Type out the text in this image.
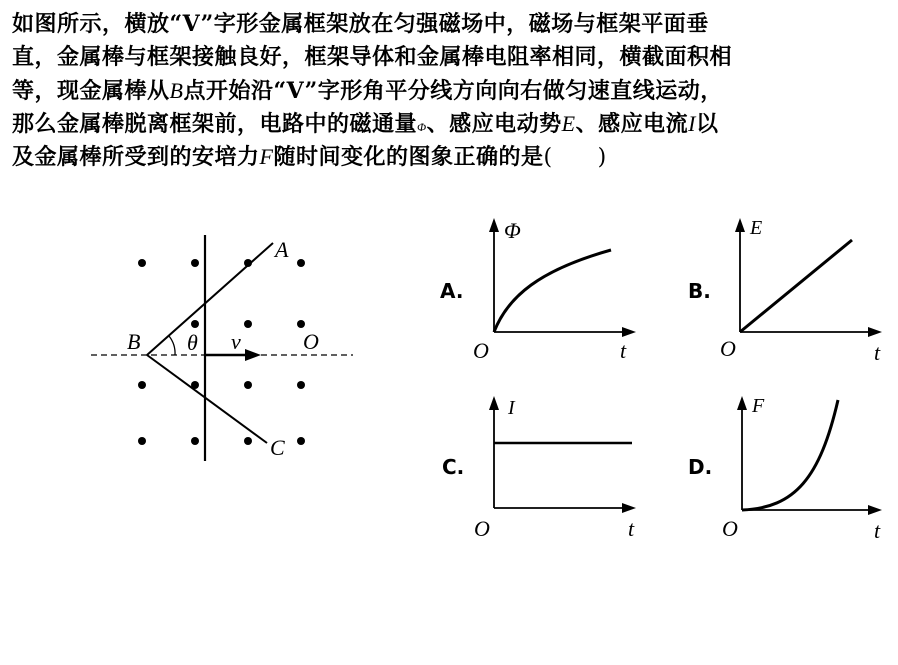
如图所示，横放“V”字形金属框架放在匀强磁场中，磁场与框架平面垂
直，金属棒与框架接触良好，框架导体和金属棒电阻率相同，横截面积相
等，现金属棒从B点开始沿“V”字形角平分线方向向右做匀速直线运动，
那么金属棒脱离框架前，电路中的磁通量Φ、感应电动势E、感应电流I以
及金属棒所受到的安培力F随时间变化的图象正确的是(　　)
A
B θ v	O
C
A.
Φ
t
O
B.
E
t
O
C.
I
t
O
D.
F
t
O
